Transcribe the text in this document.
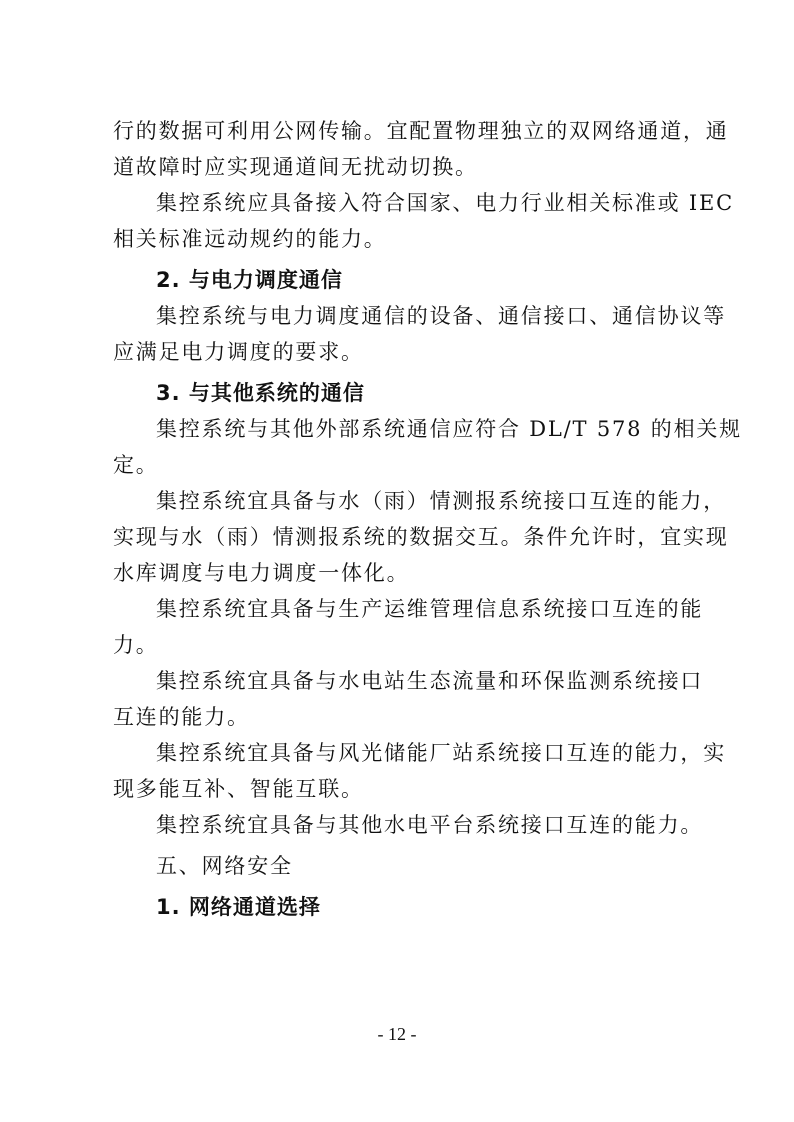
行的数据可利用公网传输。宜配置物理独立的双网络通道，通
道故障时应实现通道间无扰动切换。
集控系统应具备接入符合国家、电力行业相关标准或 IEC
相关标准远动规约的能力。
2. 与电力调度通信
集控系统与电力调度通信的设备、通信接口、通信协议等
应满足电力调度的要求。
3. 与其他系统的通信
集控系统与其他外部系统通信应符合 DL/T 578 的相关规
定。
集控系统宜具备与水（雨）情测报系统接口互连的能力，
实现与水（雨）情测报系统的数据交互。条件允许时，宜实现
水库调度与电力调度一体化。
集控系统宜具备与生产运维管理信息系统接口互连的能
力。
集控系统宜具备与水电站生态流量和环保监测系统接口
互连的能力。
集控系统宜具备与风光储能厂站系统接口互连的能力，实
现多能互补、智能互联。
集控系统宜具备与其他水电平台系统接口互连的能力。
五、网络安全
1. 网络通道选择
- 12 -
